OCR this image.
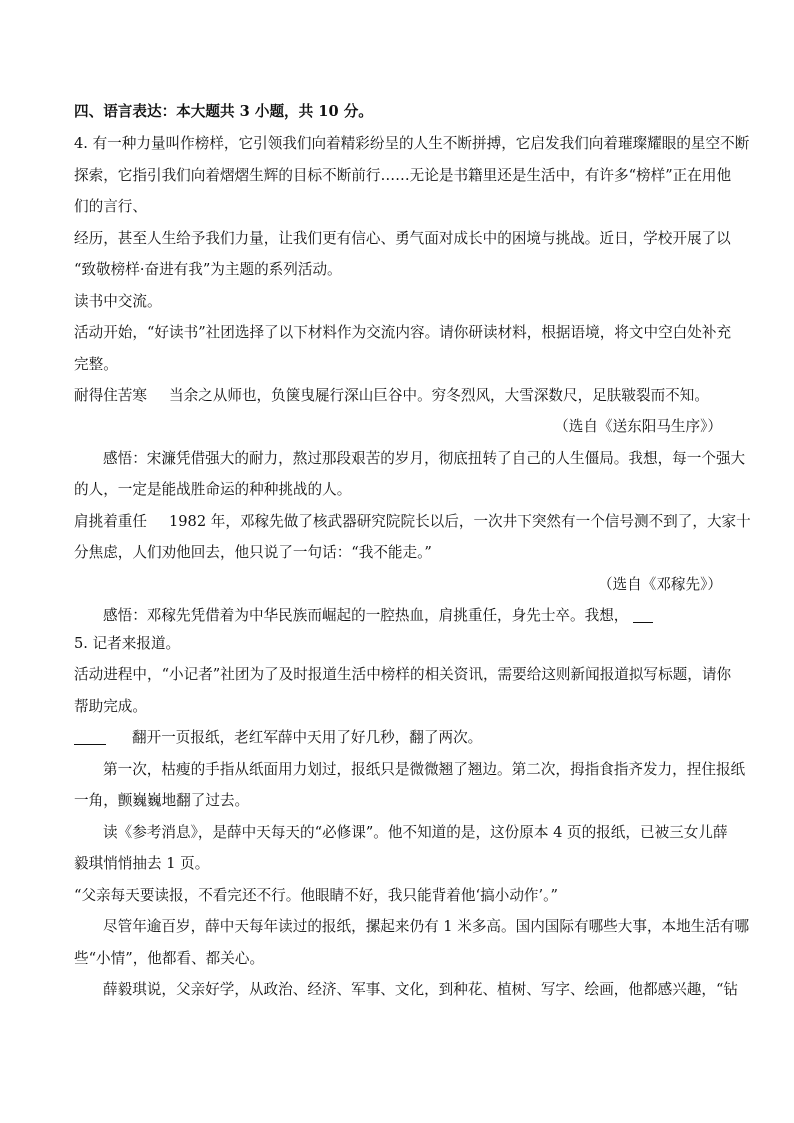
四、语言表达：本大题共 3 小题，共 10 分。
4. 有一种力量叫作榜样，它引领我们向着精彩纷呈的人生不断拼搏，它启发我们向着璀璨耀眼的星空不断
探索，它指引我们向着熠熠生辉的目标不断前行……无论是书籍里还是生活中，有许多“榜样”正在用他
们的言行、
经历，甚至人生给予我们力量，让我们更有信心、勇气面对成长中的困境与挑战。近日，学校开展了以
“致敬榜样·奋进有我”为主题的系列活动。
读书中交流。
活动开始，“好读书”社团选择了以下材料作为交流内容。请你研读材料，根据语境，将文中空白处补充
完整。
耐得住苦寒 当余之从师也，负箧曳屣行深山巨谷中。穷冬烈风，大雪深数尺，足肤皲裂而不知。
（选自《送东阳马生序》）
感悟：宋濂凭借强大的耐力，熬过那段艰苦的岁月，彻底扭转了自己的人生僵局。我想，每一个强大
的人，一定是能战胜命运的种种挑战的人。
肩挑着重任 1982 年，邓稼先做了核武器研究院院长以后，一次井下突然有一个信号测不到了，大家十
分焦虑，人们劝他回去，他只说了一句话：“我不能走。”
（选自《邓稼先》）
感悟：邓稼先凭借着为中华民族而崛起的一腔热血，肩挑重任，身先士卒。我想，
5. 记者来报道。
活动进程中，“小记者”社团为了及时报道生活中榜样的相关资讯，需要给这则新闻报道拟写标题，请你
帮助完成。
翻开一页报纸，老红军薛中天用了好几秒，翻了两次。
第一次，枯瘦的手指从纸面用力划过，报纸只是微微翘了翘边。第二次，拇指食指齐发力，捏住报纸
一角，颤巍巍地翻了过去。
读《参考消息》，是薛中天每天的“必修课”。他不知道的是，这份原本 4 页的报纸，已被三女儿薛
毅琪悄悄抽去 1 页。
“父亲每天要读报，不看完还不行。他眼睛不好，我只能背着他‘搞小动作’。”
尽管年逾百岁，薛中天每年读过的报纸，摞起来仍有 1 米多高。国内国际有哪些大事，本地生活有哪
些“小情”，他都看、都关心。
薛毅琪说，父亲好学，从政治、经济、军事、文化，到种花、植树、写字、绘画，他都感兴趣，“钻
